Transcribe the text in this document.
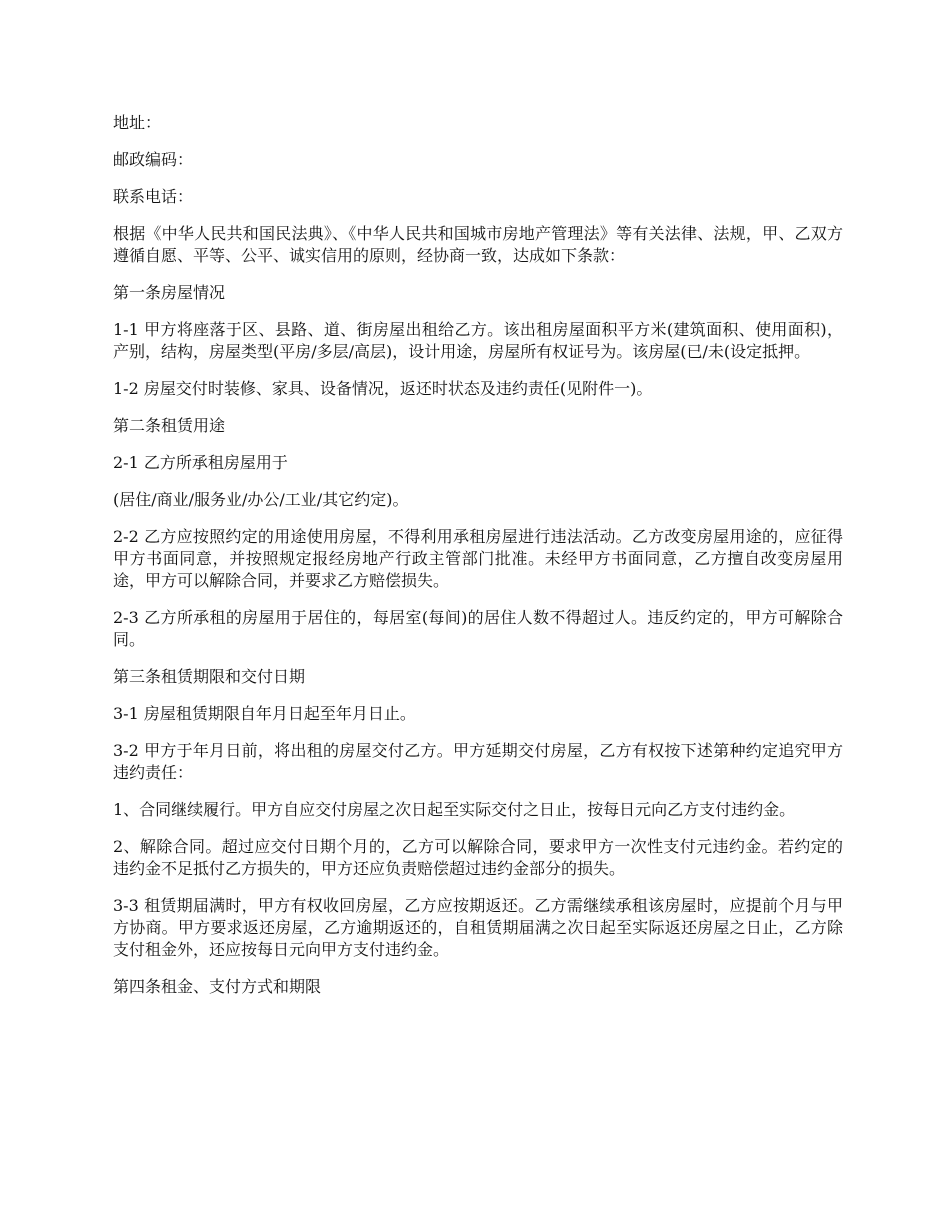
地址：

邮政编码：

联系电话：

根据《中华人民共和国民法典》、《中华人民共和国城市房地产管理法》等有关法律、法规，甲、乙双方遵循自愿、平等、公平、诚实信用的原则，经协商一致，达成如下条款：

第一条房屋情况

1-1 甲方将座落于区、县路、道、街房屋出租给乙方。该出租房屋面积平方米(建筑面积、使用面积)，产别，结构，房屋类型(平房/多层/高层)，设计用途，房屋所有权证号为。该房屋(已/未(设定抵押。

1-2 房屋交付时装修、家具、设备情况，返还时状态及违约责任(见附件一)。

第二条租赁用途

2-1 乙方所承租房屋用于

(居住/商业/服务业/办公/工业/其它约定)。

2-2 乙方应按照约定的用途使用房屋，不得利用承租房屋进行违法活动。乙方改变房屋用途的，应征得甲方书面同意，并按照规定报经房地产行政主管部门批准。未经甲方书面同意，乙方擅自改变房屋用途，甲方可以解除合同，并要求乙方赔偿损失。

2-3 乙方所承租的房屋用于居住的，每居室(每间)的居住人数不得超过人。违反约定的，甲方可解除合同。

第三条租赁期限和交付日期

3-1 房屋租赁期限自年月日起至年月日止。

3-2 甲方于年月日前，将出租的房屋交付乙方。甲方延期交付房屋，乙方有权按下述第种约定追究甲方违约责任：

1、合同继续履行。甲方自应交付房屋之次日起至实际交付之日止，按每日元向乙方支付违约金。

2、解除合同。超过应交付日期个月的，乙方可以解除合同，要求甲方一次性支付元违约金。若约定的违约金不足抵付乙方损失的，甲方还应负责赔偿超过违约金部分的损失。

3-3 租赁期届满时，甲方有权收回房屋，乙方应按期返还。乙方需继续承租该房屋时，应提前个月与甲方协商。甲方要求返还房屋，乙方逾期返还的，自租赁期届满之次日起至实际返还房屋之日止，乙方除支付租金外，还应按每日元向甲方支付违约金。

第四条租金、支付方式和期限
